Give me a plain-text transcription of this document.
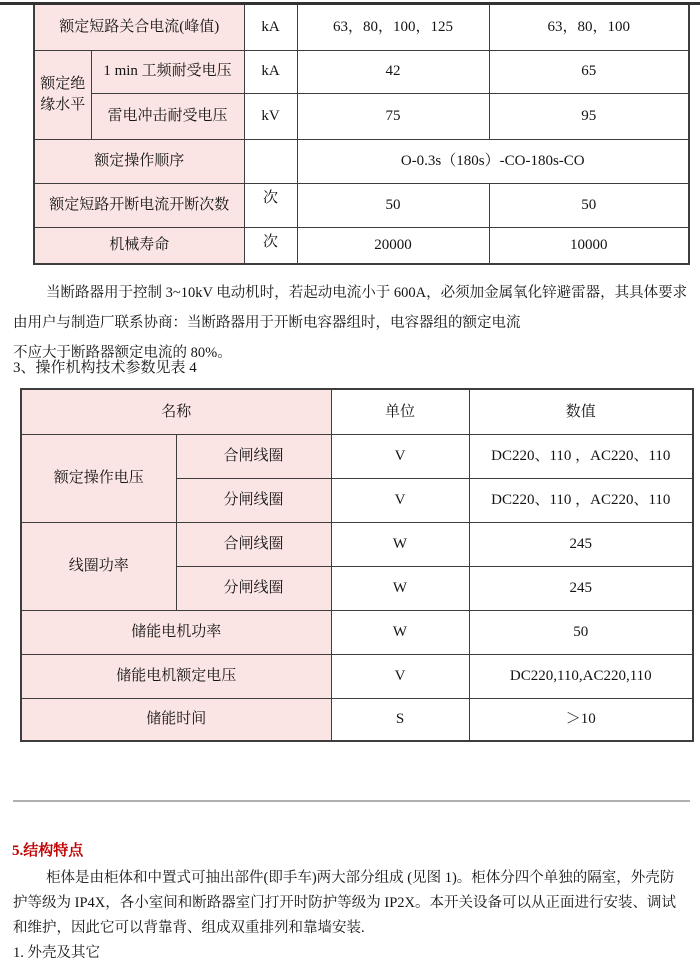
额定短路关合电流(峰值)		kA	63，80，100，125	63，80，100
额定绝缘水平	1 min 工频耐受电压	kA	42	65
	雷电冲击耐受电压	kV	75	95
额定操作顺序			O-0.3s（180s）-CO-180s-CO	
额定短路开断电流开断次数		次	50	50
机械寿命		次	20000	10000
当断路器用于控制 3~10kV 电动机时，若起动电流小于 600A，必须加金属氧化锌避雷器，其具体要求
由用户与制造厂联系协商：当断路器用于开断电容器组时，电容器组的额定电流
不应大于断路器额定电流的 80%。
3、操作机构技术参数见表 4
名称		单位	数值
额定操作电压	合闸线圈	V	DC220、110 ，AC220、110
	分闸线圈	V	DC220、110 ，AC220、110
线圈功率	合闸线圈	W	245
	分闸线圈	W	245
储能电机功率		W	50
储能电机额定电压		V	DC220,110,AC220,110
储能时间		S	＞10
5.结构特点
柜体是由柜体和中置式可抽出部件(即手车)两大部分组成 (见图 1)。柜体分四个单独的隔室，外壳防
护等级为 IP4X，各小室间和断路器室门打开时防护等级为 IP2X。本开关设备可以从正面进行安装、调试
和维护，因此它可以背靠背、组成双重排列和靠墙安装.
1. 外壳及其它
